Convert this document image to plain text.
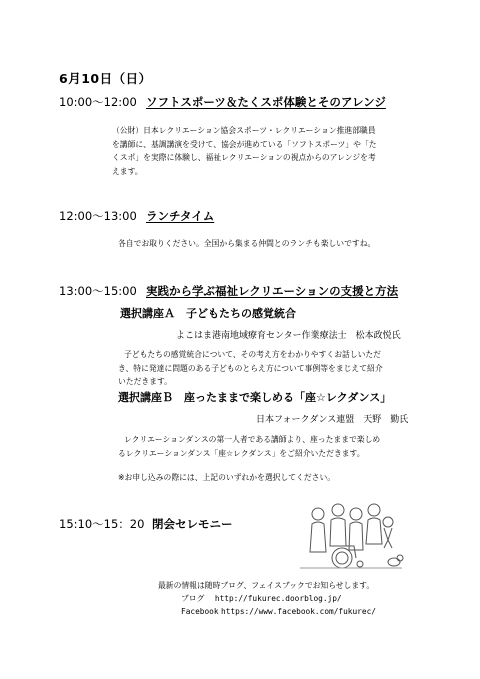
6月10日（日）
10:00～12:00 ソフトスポーツ＆たくスポ体験とそのアレンジ
（公財）日本レクリエーション協会スポーツ・レクリエーション推進部職員
を講師に、基調講演を受けて、協会が進めている「ソフトスポーツ」や「た
くスポ」を実際に体験し、福祉レクリエーションの視点からのアレンジを考
えます。
12:00～13:00 ランチタイム
各自でお取りください。全国から集まる仲間とのランチも楽しいですね。
13:00～15:00 実践から学ぶ福祉レクリエーションの支援と方法
選択講座Ａ　子どもたちの感覚統合
よこはま港南地域療育センター作業療法士　松本政悦氏
子どもたちの感覚統合について、その考え方をわかりやすくお話しいただ
き、特に発達に問題のある子どものとらえ方について事例等をまじえて紹介
いただきます。
選択講座Ｂ　座ったままで楽しめる「座☆レクダンス」
日本フォークダンス連盟　天野　勤氏
レクリエーションダンスの第一人者である講師より、座ったままで楽しめ
るレクリエーションダンス「座☆レクダンス」をご紹介いただきます。
※お申し込みの際には、上記のいずれかを選択してください。
15:10～15：20 閉会セレモニー
最新の情報は随時ブログ、フェイスブックでお知らせします。
ブログ http://fukurec.doorblog.jp/
Facebook https://www.facebook.com/fukurec/
